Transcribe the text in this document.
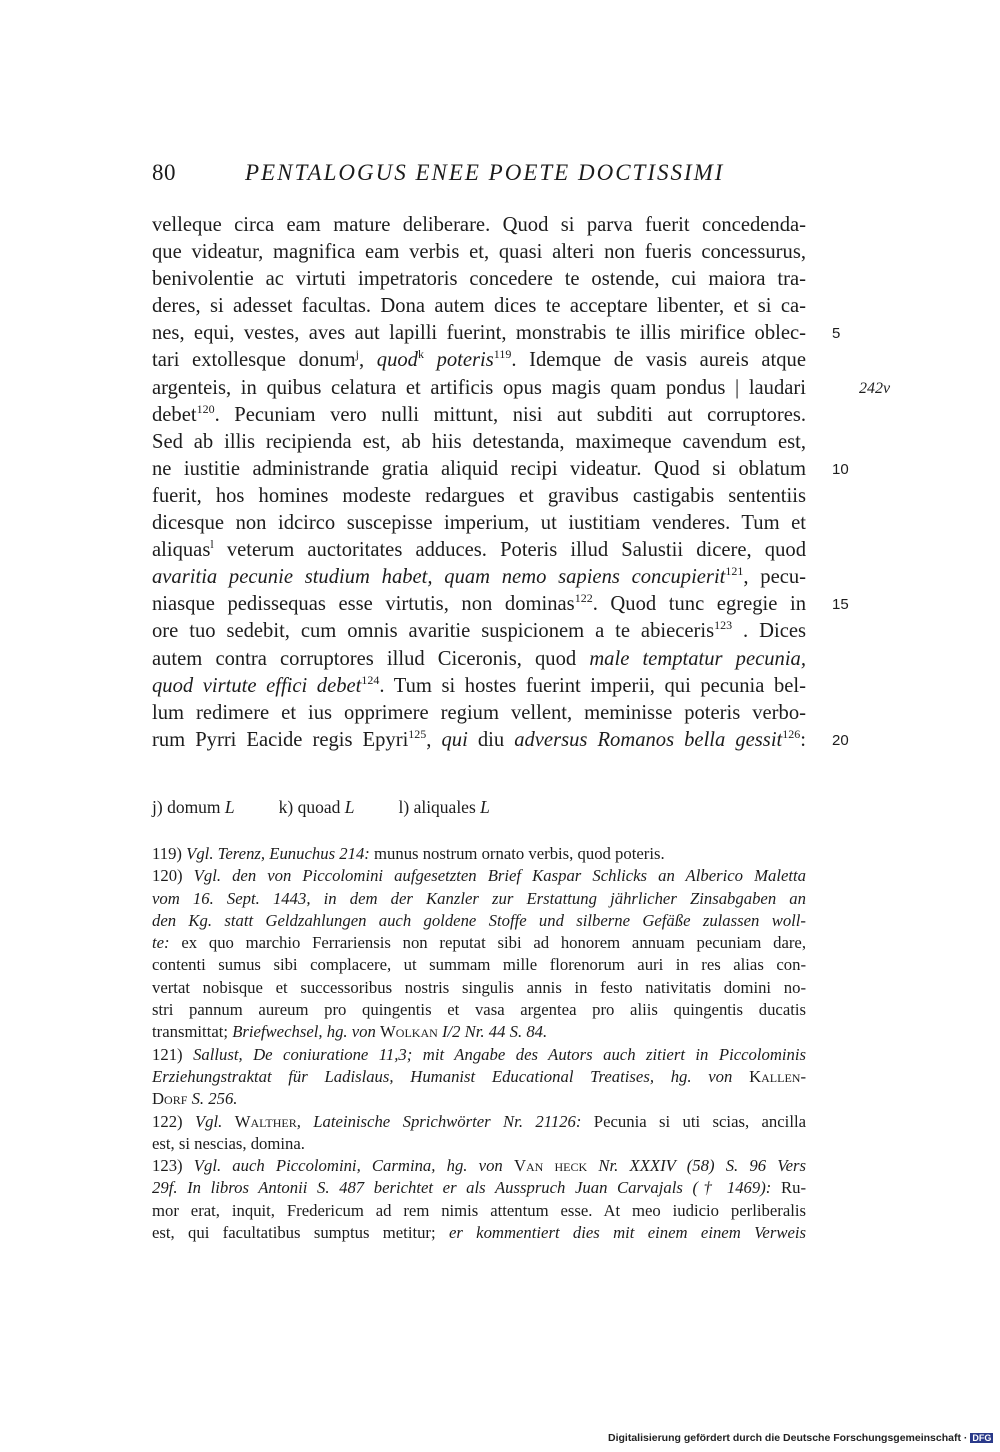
80	PENTALOGUS ENEE POETE DOCTISSIMI
velleque circa eam mature deliberare. Quod si parva fuerit concedenda-
que videatur, magnifica eam verbis et, quasi alteri non fueris concessurus,
benivolentie ac virtuti impetratoris concedere te ostende, cui maiora tra-
deres, si adesset facultas. Dona autem dices te acceptare libenter, et si ca-
nes, equi, vestes, aves aut lapilli fuerint, monstrabis te illis mirifice oblec- 5
tari extollesque donum$^j$, quod$^k$ poteris$^{119}$. Idemque de vasis aureis atque
argenteis, in quibus celatura et artificis opus magis quam pondus | laudari	242v
debet$^{120}$. Pecuniam vero nulli mittunt, nisi aut subditi aut corruptores.
Sed ab illis recipienda est, ab hiis detestanda, maximeque cavendum est,
ne iustitie administrande gratia aliquid recipi videatur. Quod si oblatum 10
fuerit, hos homines modeste redargues et gravibus castigabis sententiis
dicesque non idcirco suscepisse imperium, ut iustitiam venderes. Tum et
aliquas$^l$ veterum auctoritates adduces. Poteris illud Salustii dicere, quod
avaritia pecunie studium habet, quam nemo sapiens concupierit$^{121}$, pecu-
niasque pedissequas esse virtutis, non dominas$^{122}$. Quod tunc egregie in 15
ore tuo sedebit, cum omnis avaritie suspicionem a te abieceris$^{123}$ . Dices
autem contra corruptores illud Ciceronis, quod male temptatur pecunia,
quod virtute effici debet$^{124}$. Tum si hostes fuerint imperii, qui pecunia bel-
lum redimere et ius opprimere regium vellent, meminisse poteris verbo-
rum Pyrri Eacide regis Epyri$^{125}$, qui diu adversus Romanos bella gessit$^{126}$: 20
j) domum L	k) quoad L	l) aliquales L
119) Vgl. Terenz, Eunuchus 214: munus nostrum ornato verbis, quod poteris.
120) Vgl. den von Piccolomini aufgesetzten Brief Kaspar Schlicks an Alberico Maletta
vom 16. Sept. 1443, in dem der Kanzler zur Erstattung jährlicher Zinsabgaben an
den Kg. statt Geldzahlungen auch goldene Stoffe und silberne Gefäße zulassen woll-
te: ex quo marchio Ferrariensis non reputat sibi ad honorem annuam pecuniam dare,
contenti sumus sibi complacere, ut summam mille florenorum auri in res alias con-
vertat nobisque et successoribus nostris singulis annis in festo nativitatis domini no-
stri pannum aureum pro quingentis et vasa argentea pro aliis quingentis ducatis
transmittat; Briefwechsel, hg. von Wolkan I/2 Nr. 44 S. 84.
121) Sallust, De coniuratione 11,3; mit Angabe des Autors auch zitiert in Piccolominis
Erziehungstraktat für Ladislaus, Humanist Educational Treatises, hg. von Kallen-
Dorf S. 256.
122) Vgl. Walther, Lateinische Sprichwörter Nr. 21126: Pecunia si uti scias, ancilla
est, si nescias, domina.
123) Vgl. auch Piccolomini, Carmina, hg. von Van heck Nr. XXXIV (58) S. 96 Vers
29f. In libros Antonii S. 487 berichtet er als Ausspruch Juan Carvajals († 1469): Ru-
mor erat, inquit, Fredericum ad rem nimis attentum esse. At meo iudicio perliberalis
est, qui facultatibus sumptus metitur; er kommentiert dies mit einem einem Verweis
Digitalisierung gefördert durch die Deutsche Forschungsgemeinschaft · DFG
